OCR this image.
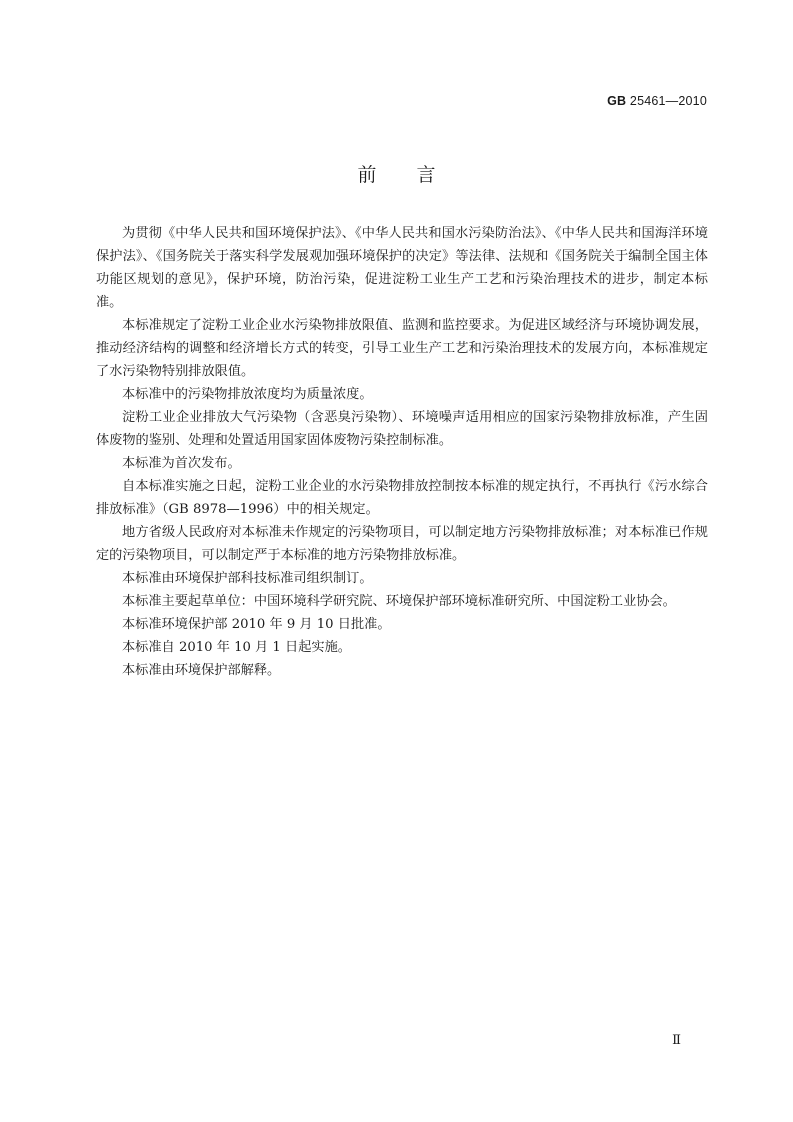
GB 25461—2010
前言

为贯彻《中华人民共和国环境保护法》、《中华人民共和国水污染防治法》、《中华人民共和国海洋环境保护法》、《国务院关于落实科学发展观加强环境保护的决定》等法律、法规和《国务院关于编制全国主体功能区规划的意见》，保护环境，防治污染，促进淀粉工业生产工艺和污染治理技术的进步，制定本标准。

本标准规定了淀粉工业企业水污染物排放限值、监测和监控要求。为促进区域经济与环境协调发展，推动经济结构的调整和经济增长方式的转变，引导工业生产工艺和污染治理技术的发展方向，本标准规定了水污染物特别排放限值。

本标准中的污染物排放浓度均为质量浓度。

淀粉工业企业排放大气污染物（含恶臭污染物）、环境噪声适用相应的国家污染物排放标准，产生固体废物的鉴别、处理和处置适用国家固体废物污染控制标准。

本标准为首次发布。

自本标准实施之日起，淀粉工业企业的水污染物排放控制按本标准的规定执行，不再执行《污水综合排放标准》（GB 8978—1996）中的相关规定。

地方省级人民政府对本标准未作规定的污染物项目，可以制定地方污染物排放标准；对本标准已作规定的污染物项目，可以制定严于本标准的地方污染物排放标准。

本标准由环境保护部科技标准司组织制订。

本标准主要起草单位：中国环境科学研究院、环境保护部环境标准研究所、中国淀粉工业协会。

本标准环境保护部 2010 年 9 月 10 日批准。

本标准自 2010 年 10 月 1 日起实施。

本标准由环境保护部解释。

Ⅱ
